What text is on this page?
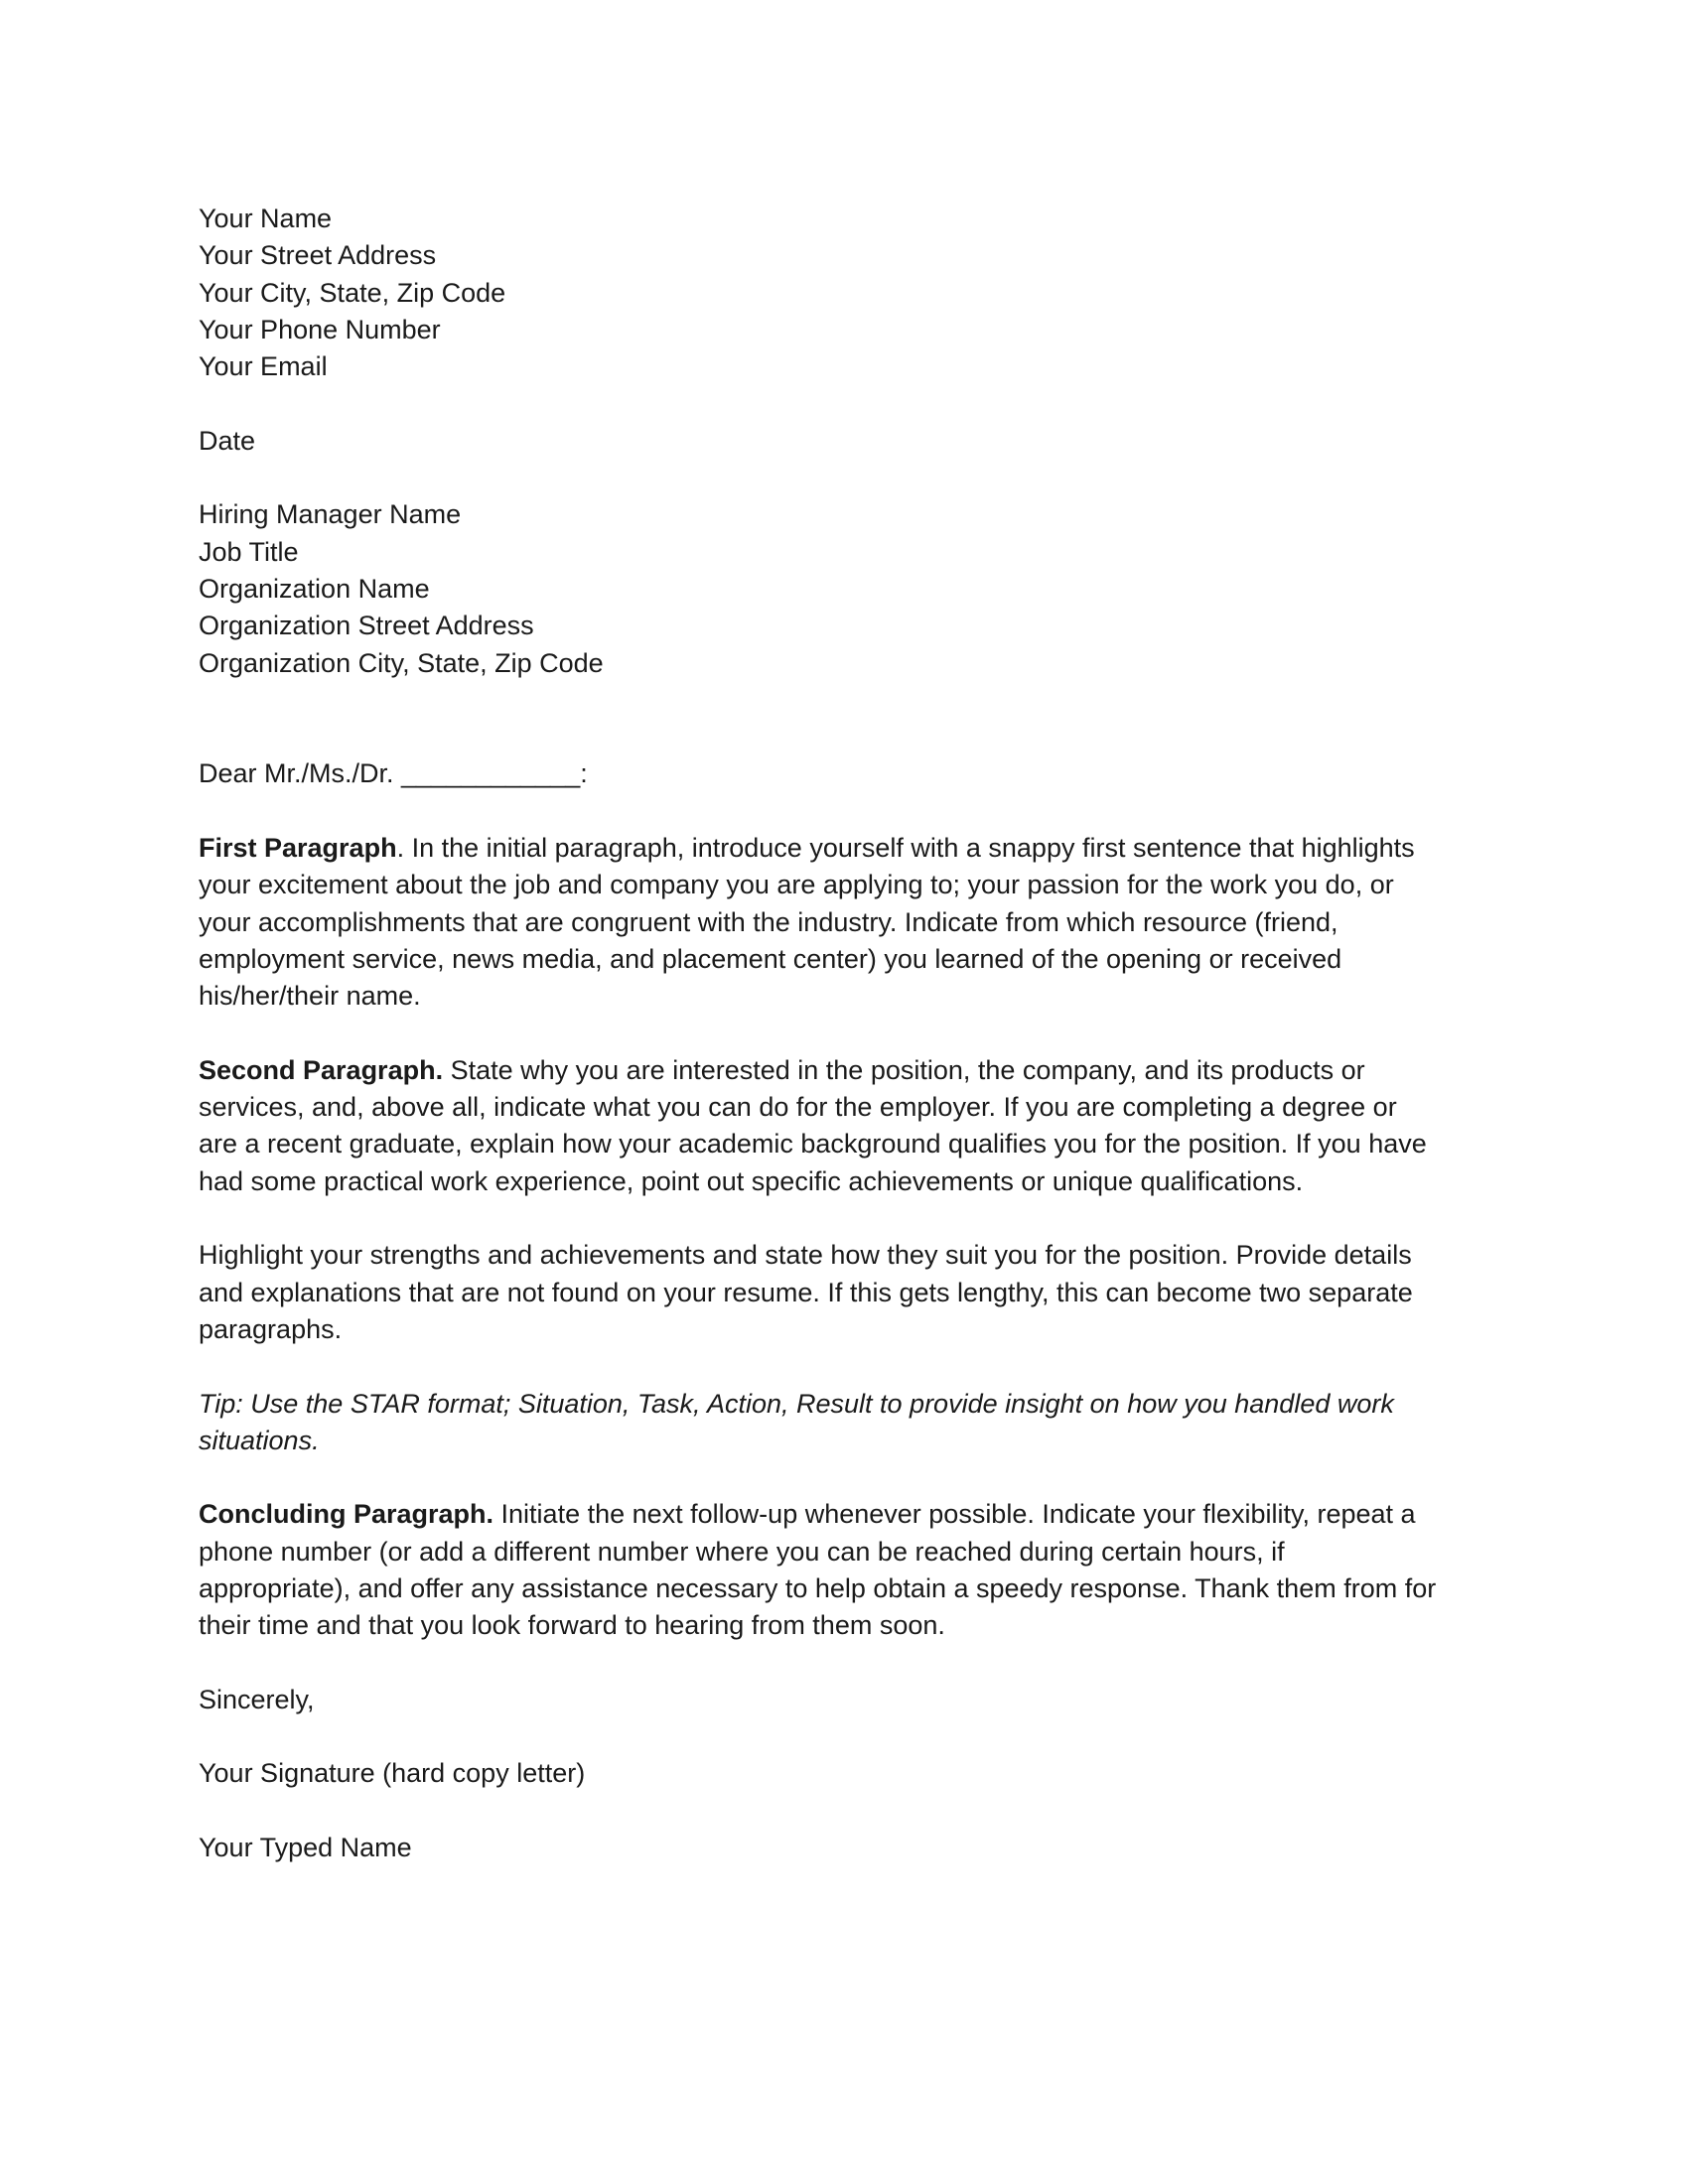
Your Name
Your Street Address
Your City, State, Zip Code
Your Phone Number
Your Email
Date
Hiring Manager Name
Job Title
Organization Name
Organization Street Address
Organization City, State, Zip Code
Dear Mr./Ms./Dr. ____________:
First Paragraph. In the initial paragraph, introduce yourself with a snappy first sentence that highlights
your excitement about the job and company you are applying to; your passion for the work you do, or
your accomplishments that are congruent with the industry. Indicate from which resource (friend,
employment service, news media, and placement center) you learned of the opening or received
his/her/their name.
Second Paragraph. State why you are interested in the position, the company, and its products or
services, and, above all, indicate what you can do for the employer. If you are completing a degree or
are a recent graduate, explain how your academic background qualifies you for the position. If you have
had some practical work experience, point out specific achievements or unique qualifications.
Highlight your strengths and achievements and state how they suit you for the position. Provide details
and explanations that are not found on your resume. If this gets lengthy, this can become two separate
paragraphs.
Tip: Use the STAR format; Situation, Task, Action, Result to provide insight on how you handled work
situations.
Concluding Paragraph. Initiate the next follow-up whenever possible. Indicate your flexibility, repeat a
phone number (or add a different number where you can be reached during certain hours, if
appropriate), and offer any assistance necessary to help obtain a speedy response. Thank them from for
their time and that you look forward to hearing from them soon.
Sincerely,
Your Signature (hard copy letter)
Your Typed Name
